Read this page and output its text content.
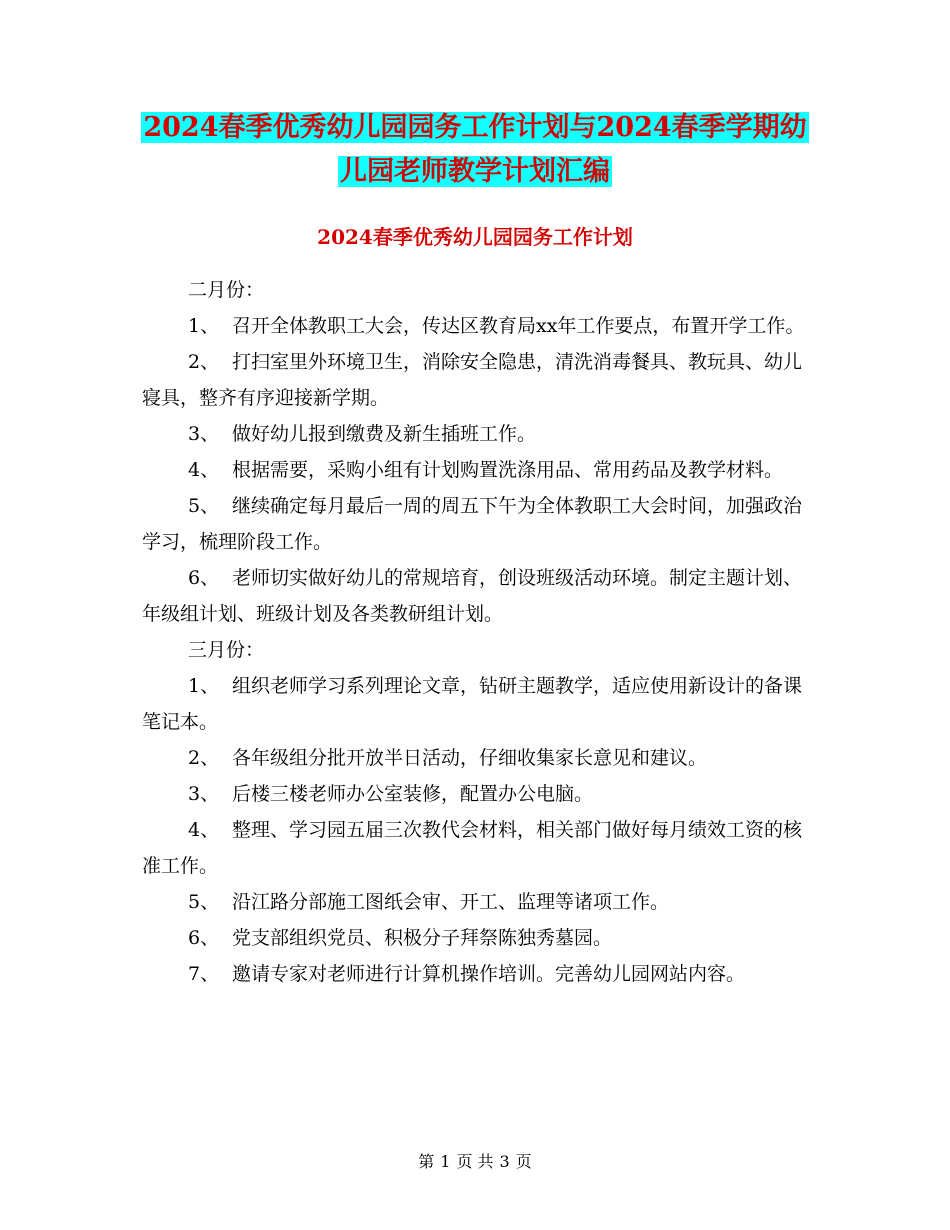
2024春季优秀幼儿园园务工作计划与2024春季学期幼
儿园老师教学计划汇编
2024春季优秀幼儿园园务工作计划

二月份：

1、 召开全体教职工大会，传达区教育局xx年工作要点，布置开学工作。

2、 打扫室里外环境卫生，消除安全隐患，清洗消毒餐具、教玩具、幼儿寝具，整齐有序迎接新学期。

3、 做好幼儿报到缴费及新生插班工作。

4、 根据需要，采购小组有计划购置洗涤用品、常用药品及教学材料。

5、 继续确定每月最后一周的周五下午为全体教职工大会时间，加强政治学习，梳理阶段工作。

6、 老师切实做好幼儿的常规培育，创设班级活动环境。制定主题计划、年级组计划、班级计划及各类教研组计划。

三月份：

1、 组织老师学习系列理论文章，钻研主题教学，适应使用新设计的备课笔记本。

2、 各年级组分批开放半日活动，仔细收集家长意见和建议。

3、 后楼三楼老师办公室装修，配置办公电脑。

4、 整理、学习园五届三次教代会材料，相关部门做好每月绩效工资的核准工作。

5、 沿江路分部施工图纸会审、开工、监理等诸项工作。

6、 党支部组织党员、积极分子拜祭陈独秀墓园。

7、 邀请专家对老师进行计算机操作培训。完善幼儿园网站内容。

第 1 页 共 3 页
